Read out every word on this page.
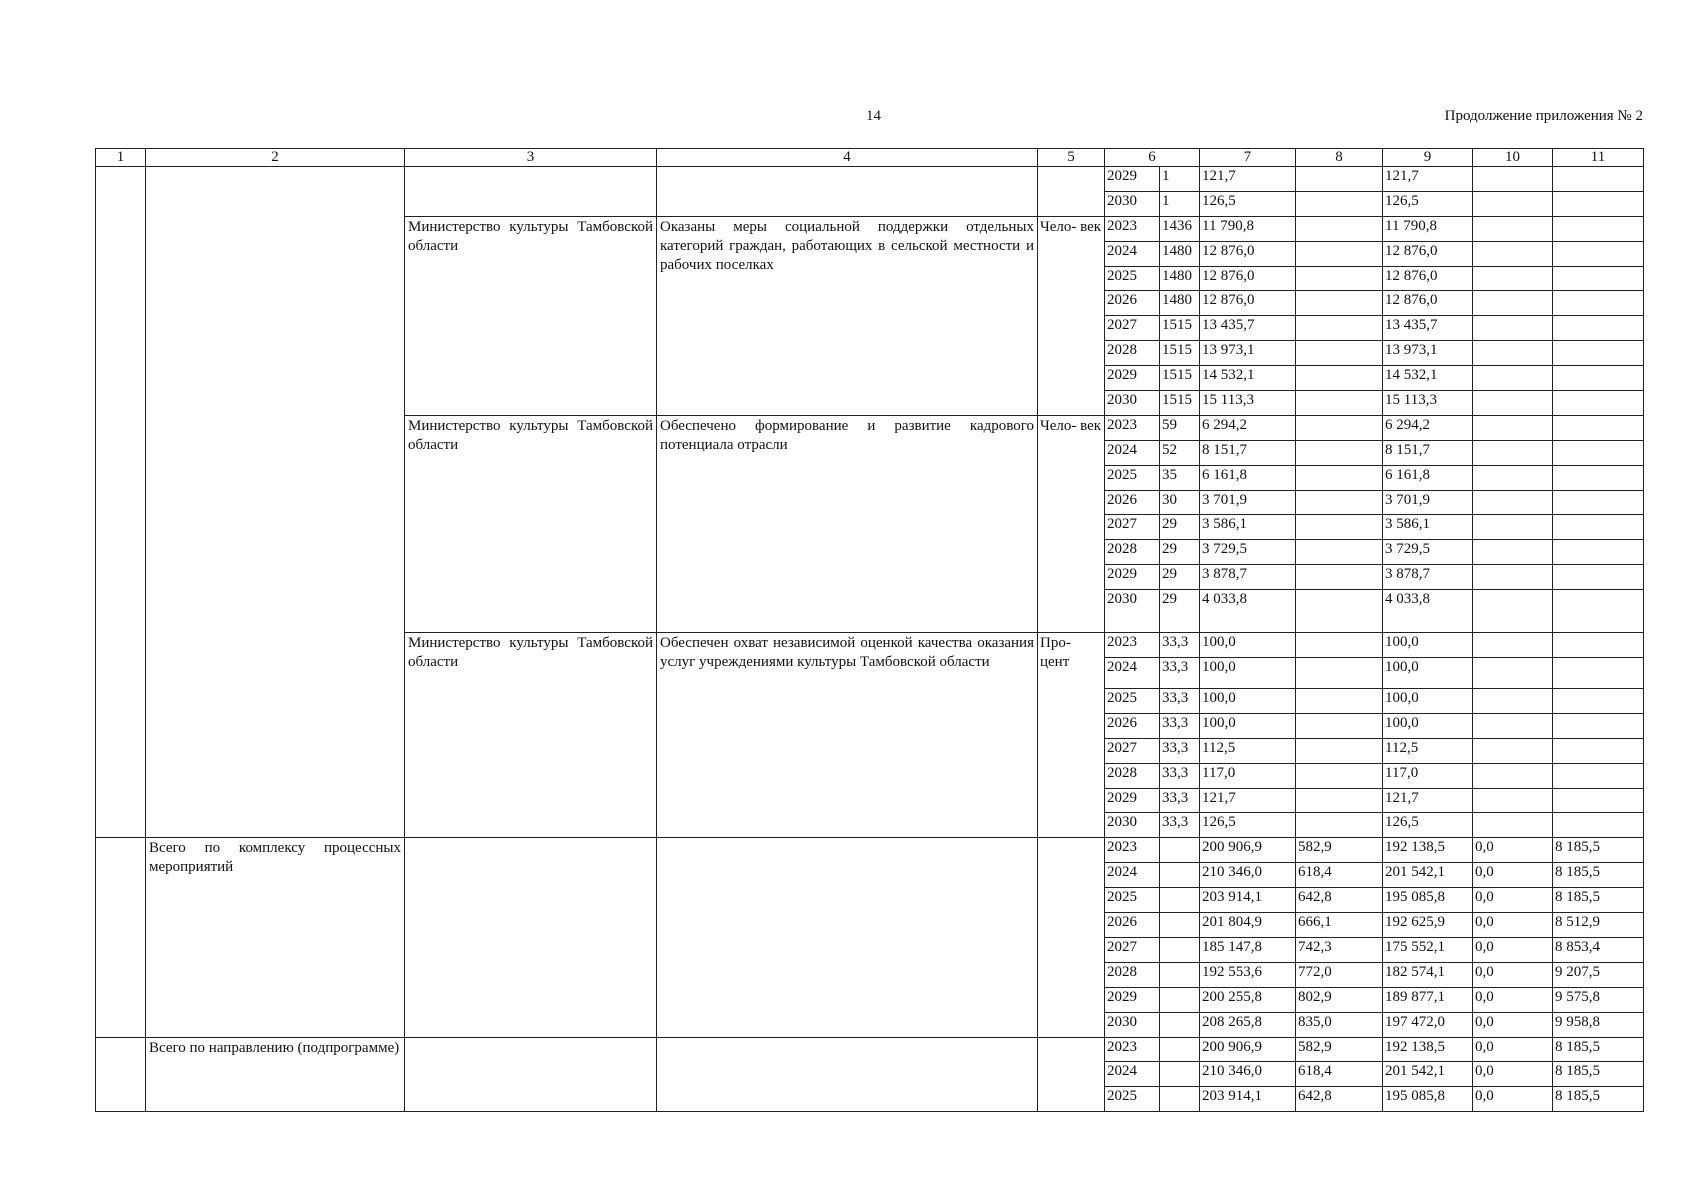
14	Продолжение приложения № 2
1	2	3	4	5	6		7	8	9	10	11
					2029	1	121,7		121,7		
					2030	1	126,5		126,5		
		Министерство культуры Тамбовской области	Оказаны меры социальной поддержки отдельных категорий граждан, работающих в сельской местности и рабочих поселках	Чело- век	2023	1436	11 790,8		11 790,8		
					2024	1480	12 876,0		12 876,0		
					2025	1480	12 876,0		12 876,0		
					2026	1480	12 876,0		12 876,0		
					2027	1515	13 435,7		13 435,7		
					2028	1515	13 973,1		13 973,1		
					2029	1515	14 532,1		14 532,1		
					2030	1515	15 113,3		15 113,3		
		Министерство культуры Тамбовской области	Обеспечено формирование и развитие кадрового потенциала отрасли	Чело- век	2023	59	6 294,2		6 294,2		
					2024	52	8 151,7		8 151,7		
					2025	35	6 161,8		6 161,8		
					2026	30	3 701,9		3 701,9		
					2027	29	3 586,1		3 586,1		
					2028	29	3 729,5		3 729,5		
					2029	29	3 878,7		3 878,7		
					2030	29	4 033,8		4 033,8		
		Министерство культуры Тамбовской области	Обеспечен охват независимой оценкой качества оказания услуг учреждениями культуры Тамбовской области	Про- цент	2023	33,3	100,0		100,0		
					2024	33,3	100,0		100,0		
					2025	33,3	100,0		100,0		
					2026	33,3	100,0		100,0		
					2027	33,3	112,5		112,5		
					2028	33,3	117,0		117,0		
					2029	33,3	121,7		121,7		
					2030	33,3	126,5		126,5		
	Всего по комплексу процессных мероприятий				2023		200 906,9	582,9	192 138,5	0,0	8 185,5
					2024		210 346,0	618,4	201 542,1	0,0	8 185,5
					2025		203 914,1	642,8	195 085,8	0,0	8 185,5
					2026		201 804,9	666,1	192 625,9	0,0	8 512,9
					2027		185 147,8	742,3	175 552,1	0,0	8 853,4
					2028		192 553,6	772,0	182 574,1	0,0	9 207,5
					2029		200 255,8	802,9	189 877,1	0,0	9 575,8
					2030		208 265,8	835,0	197 472,0	0,0	9 958,8
	Всего по направлению (подпрограмме)				2023		200 906,9	582,9	192 138,5	0,0	8 185,5
					2024		210 346,0	618,4	201 542,1	0,0	8 185,5
					2025		203 914,1	642,8	195 085,8	0,0	8 185,5
